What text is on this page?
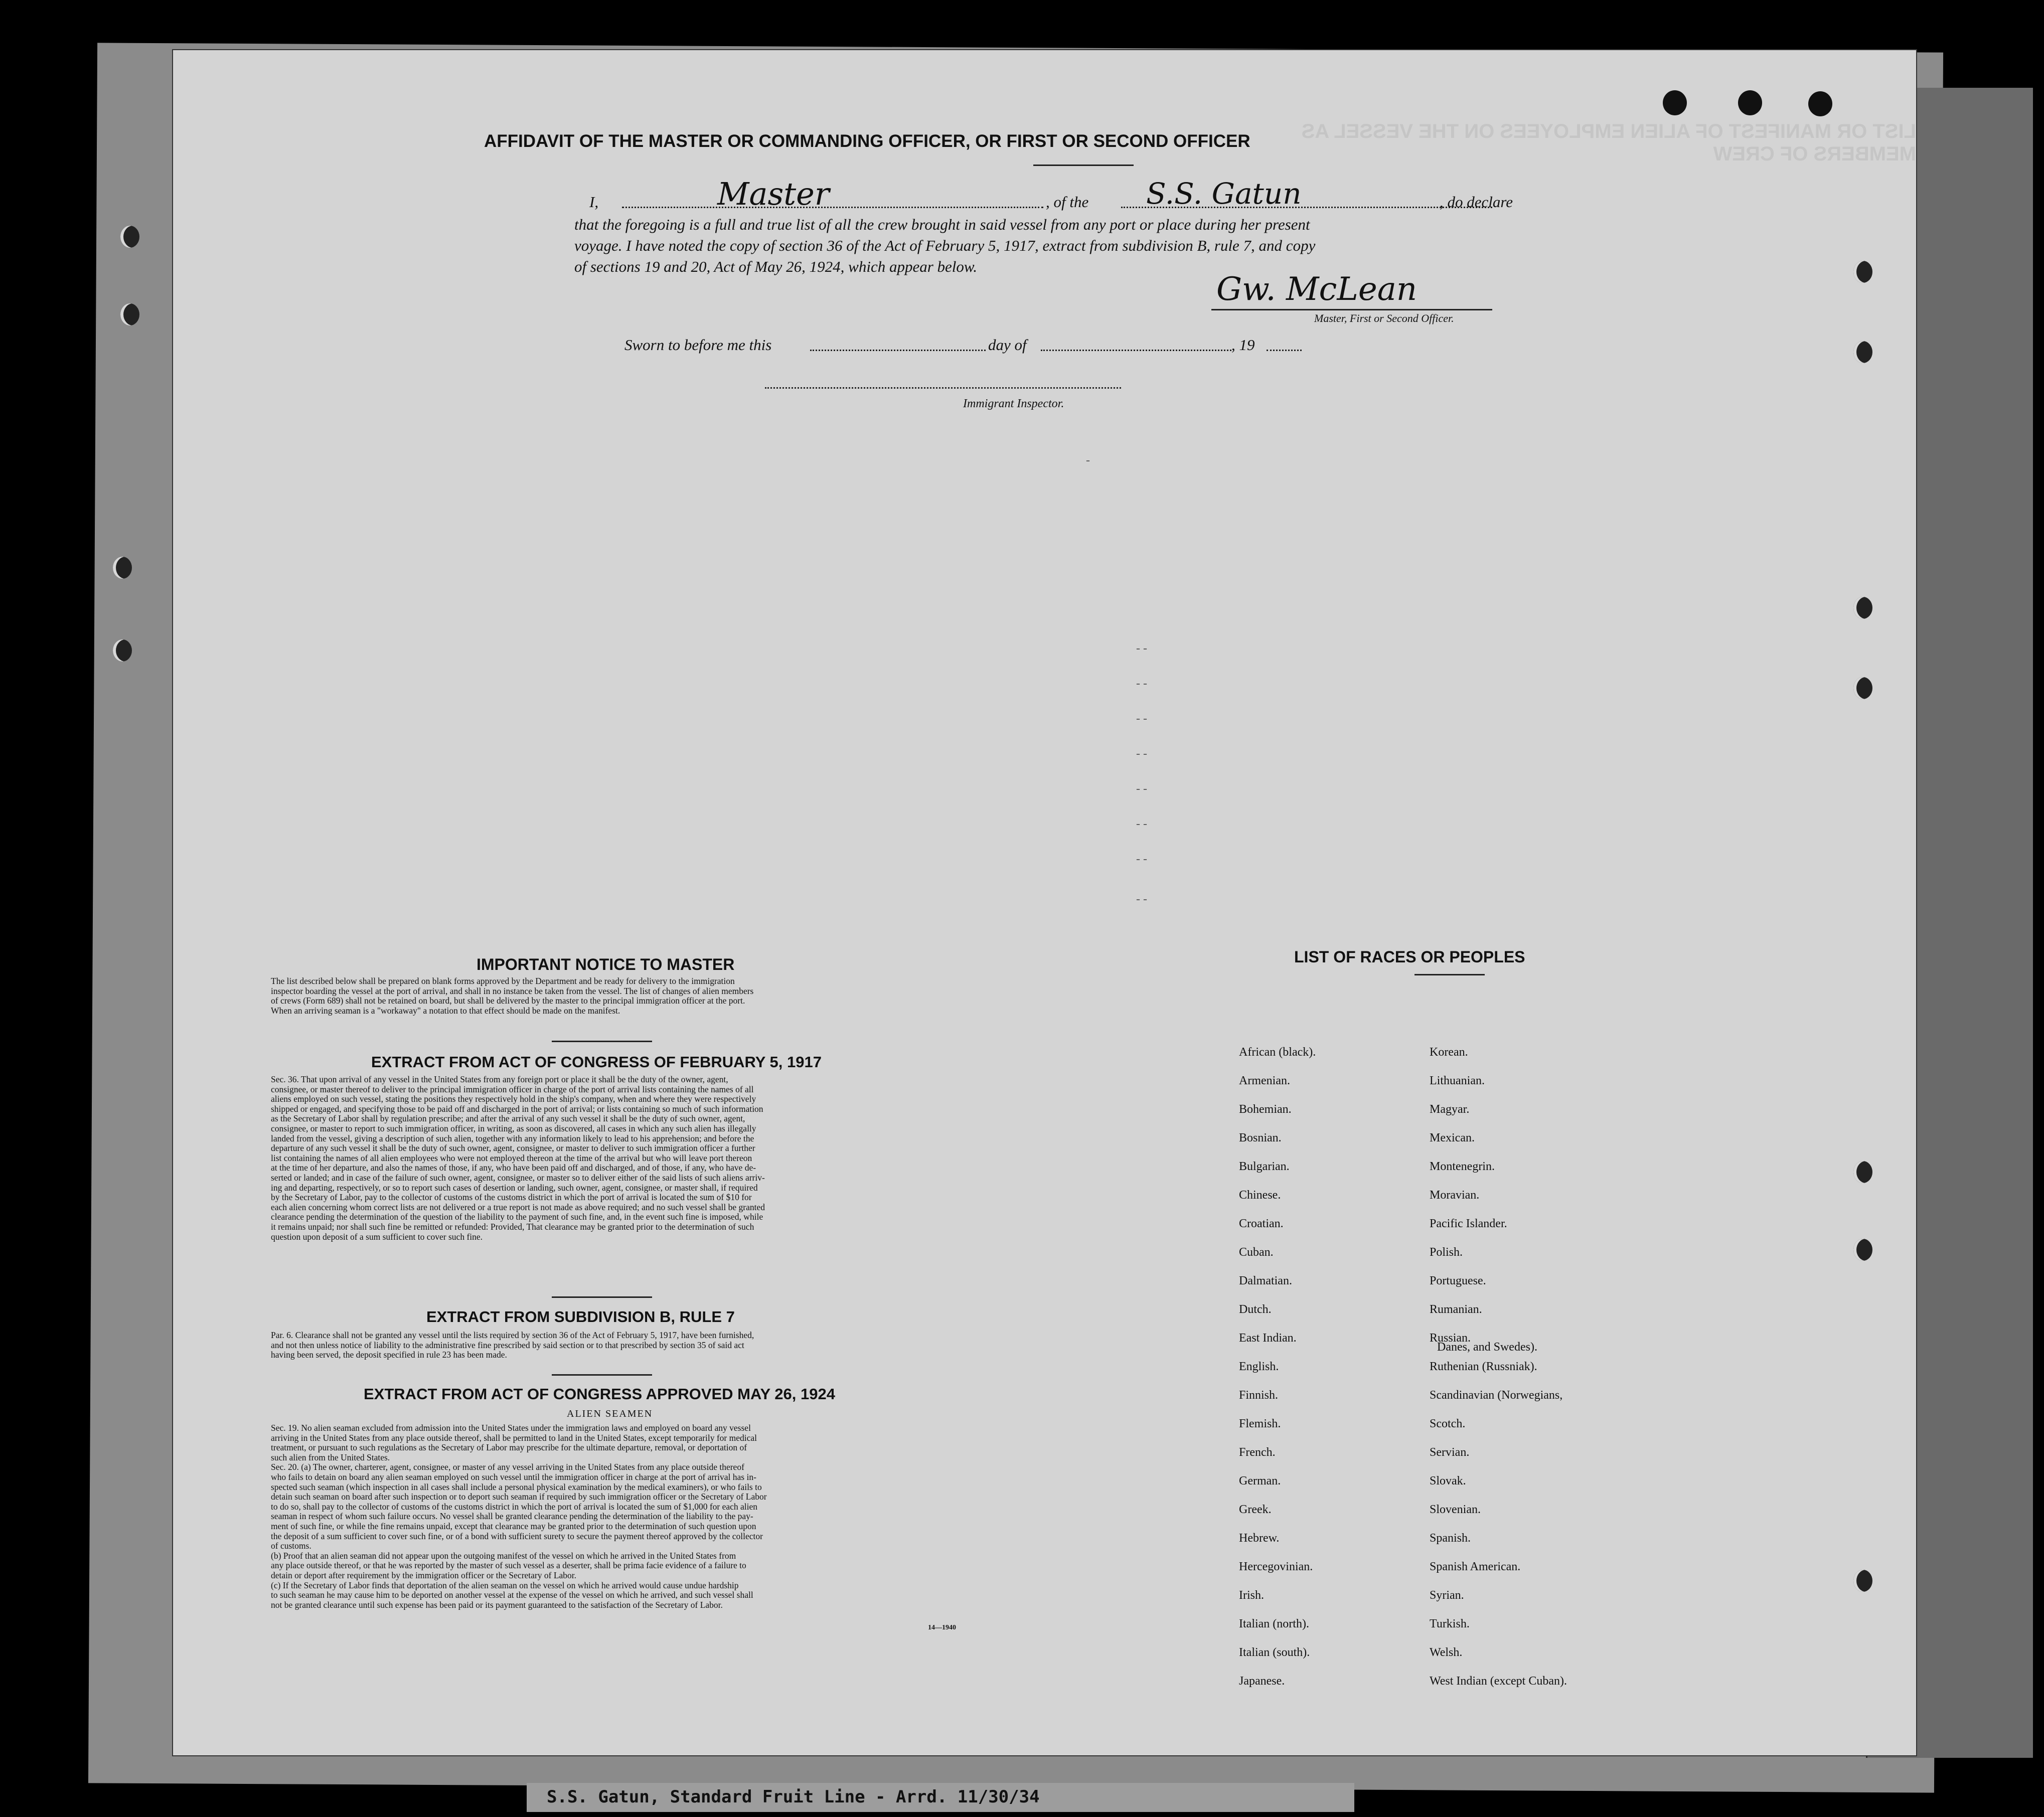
LIST OR MANIFEST OF ALIEN EMPLOYEES ON THE VESSEL AS MEMBERS OF CREW
AFFIDAVIT OF THE MASTER OR COMMANDING OFFICER, OR FIRST OR SECOND OFFICER
I,	Master	, of the S.S. Gatun	, do declare
that the foregoing is a full and true list of all the crew brought in said vessel from any port or place during her present
voyage. I have noted the copy of section 36 of the Act of February 5, 1917, extract from subdivision B, rule 7, and copy
of sections 19 and 20, Act of May 26, 1924, which appear below.
Gw. McLean
Master, First or Second Officer.
Sworn to before me this	day of	, 19
Immigrant Inspector.
-
- -
- -
- -
- -
- -
- -
- -
- -
IMPORTANT NOTICE TO MASTER

The list described below shall be prepared on blank forms approved by the Department and be ready for delivery to the immigration

inspector boarding the vessel at the port of arrival, and shall in no instance be taken from the vessel. The list of changes of alien members

of crews (Form 689) shall not be retained on board, but shall be delivered by the master to the principal immigration officer at the port.

When an arriving seaman is a "workaway" a notation to that effect should be made on the manifest.

EXTRACT FROM ACT OF CONGRESS OF FEBRUARY 5, 1917

Sec. 36. That upon arrival of any vessel in the United States from any foreign port or place it shall be the duty of the owner, agent,

consignee, or master thereof to deliver to the principal immigration officer in charge of the port of arrival lists containing the names of all

aliens employed on such vessel, stating the positions they respectively hold in the ship's company, when and where they were respectively

shipped or engaged, and specifying those to be paid off and discharged in the port of arrival; or lists containing so much of such information

as the Secretary of Labor shall by regulation prescribe; and after the arrival of any such vessel it shall be the duty of such owner, agent,

consignee, or master to report to such immigration officer, in writing, as soon as discovered, all cases in which any such alien has illegally

landed from the vessel, giving a description of such alien, together with any information likely to lead to his apprehension; and before the

departure of any such vessel it shall be the duty of such owner, agent, consignee, or master to deliver to such immigration officer a further

list containing the names of all alien employees who were not employed thereon at the time of the arrival but who will leave port thereon

at the time of her departure, and also the names of those, if any, who have been paid off and discharged, and of those, if any, who have de-

serted or landed; and in case of the failure of such owner, agent, consignee, or master so to deliver either of the said lists of such aliens arriv-

ing and departing, respectively, or so to report such cases of desertion or landing, such owner, agent, consignee, or master shall, if required

by the Secretary of Labor, pay to the collector of customs of the customs district in which the port of arrival is located the sum of $10 for

each alien concerning whom correct lists are not delivered or a true report is not made as above required; and no such vessel shall be granted

clearance pending the determination of the question of the liability to the payment of such fine, and, in the event such fine is imposed, while

it remains unpaid; nor shall such fine be remitted or refunded: Provided, That clearance may be granted prior to the determination of such

question upon deposit of a sum sufficient to cover such fine.

EXTRACT FROM SUBDIVISION B, RULE 7

Par. 6. Clearance shall not be granted any vessel until the lists required by section 36 of the Act of February 5, 1917, have been furnished,

and not then unless notice of liability to the administrative fine prescribed by said section or to that prescribed by section 35 of said act

having been served, the deposit specified in rule 23 has been made.

EXTRACT FROM ACT OF CONGRESS APPROVED MAY 26, 1924
ALIEN SEAMEN

Sec. 19. No alien seaman excluded from admission into the United States under the immigration laws and employed on board any vessel

arriving in the United States from any place outside thereof, shall be permitted to land in the United States, except temporarily for medical

treatment, or pursuant to such regulations as the Secretary of Labor may prescribe for the ultimate departure, removal, or deportation of

such alien from the United States.

Sec. 20. (a) The owner, charterer, agent, consignee, or master of any vessel arriving in the United States from any place outside thereof

who fails to detain on board any alien seaman employed on such vessel until the immigration officer in charge at the port of arrival has in-

spected such seaman (which inspection in all cases shall include a personal physical examination by the medical examiners), or who fails to

detain such seaman on board after such inspection or to deport such seaman if required by such immigration officer or the Secretary of Labor

to do so, shall pay to the collector of customs of the customs district in which the port of arrival is located the sum of $1,000 for each alien

seaman in respect of whom such failure occurs. No vessel shall be granted clearance pending the determination of the liability to the pay-

ment of such fine, or while the fine remains unpaid, except that clearance may be granted prior to the determination of such question upon

the deposit of a sum sufficient to cover such fine, or of a bond with sufficient surety to secure the payment thereof approved by the collector

of customs.

(b) Proof that an alien seaman did not appear upon the outgoing manifest of the vessel on which he arrived in the United States from

any place outside thereof, or that he was reported by the master of such vessel as a deserter, shall be prima facie evidence of a failure to

detain or deport after requirement by the immigration officer or the Secretary of Labor.

(c) If the Secretary of Labor finds that deportation of the alien seaman on the vessel on which he arrived would cause undue hardship

to such seaman he may cause him to be deported on another vessel at the expense of the vessel on which he arrived, and such vessel shall

not be granted clearance until such expense has been paid or its payment guaranteed to the satisfaction of the Secretary of Labor.

14—1940
LIST OF RACES OR PEOPLES
African (black).
Armenian.
Bohemian.
Bosnian.
Bulgarian.
Chinese.
Croatian.
Cuban.
Dalmatian.
Dutch.
East Indian.
English.
Finnish.
Flemish.
French.
German.
Greek.
Hebrew.
Hercegovinian.
Irish.
Italian (north).
Italian (south).
Japanese.
Korean.
Lithuanian.
Magyar.
Mexican.
Montenegrin.
Moravian.
Pacific Islander.
Polish.
Portuguese.
Rumanian.
Russian.
Ruthenian (Russniak).
Scandinavian (Norwegians,
Scotch.
Servian.
Slovak.
Slovenian.
Spanish.
Spanish American.
Syrian.
Turkish.
Welsh.
West Indian (except Cuban).
Danes, and Swedes).
S.S. Gatun, Standard Fruit Line - Arrd. 11/30/34
